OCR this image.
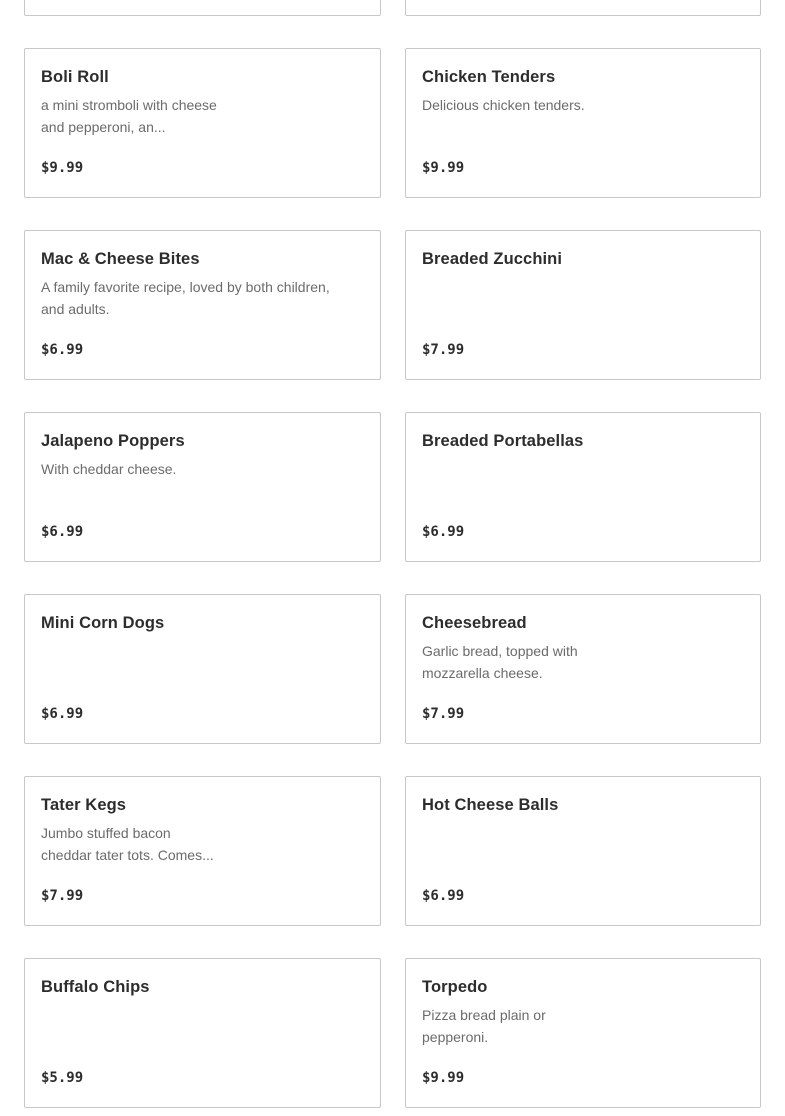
Boli Roll
a mini stromboli with cheese and pepperoni, an...
$9.99
Chicken Tenders
Delicious chicken tenders.
$9.99
Mac & Cheese Bites
A family favorite recipe, loved by both children, and adults.
$6.99
Breaded Zucchini
$7.99
Jalapeno Poppers
With cheddar cheese.
$6.99
Breaded Portabellas
$6.99
Mini Corn Dogs
$6.99
Cheesebread
Garlic bread, topped with mozzarella cheese.
$7.99
Tater Kegs
Jumbo stuffed bacon cheddar tater tots. Comes...
$7.99
Hot Cheese Balls
$6.99
Buffalo Chips
$5.99
Torpedo
Pizza bread plain or pepperoni.
$9.99
